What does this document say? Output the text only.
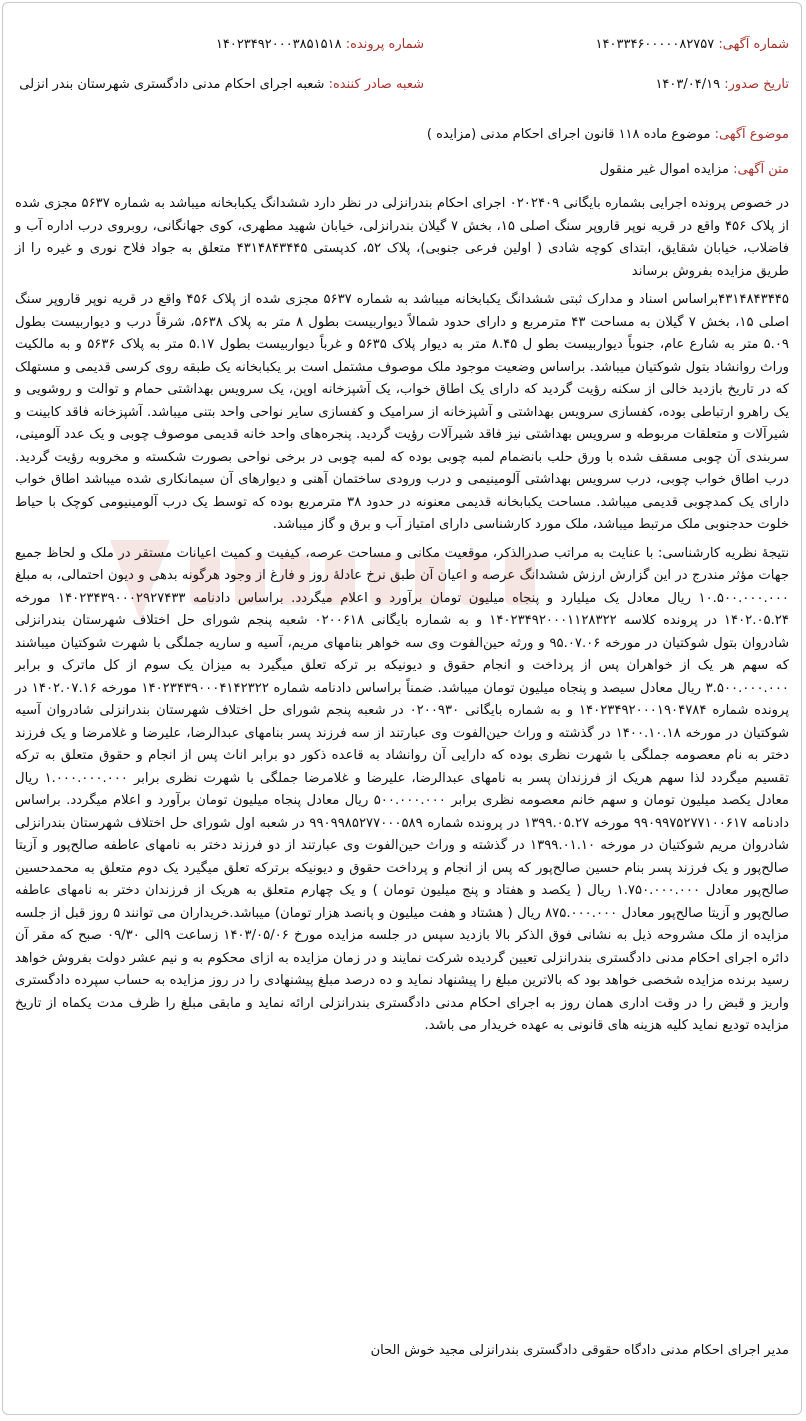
شماره آگهی: ۱۴۰۳۳۴۶۰۰۰۰۰۸۲۷۵۷
شماره پرونده: ۱۴۰۲۳۴۹۲۰۰۰۳۸۵۱۵۱۸
تاریخ صدور: ۱۴۰۳/۰۴/۱۹
شعبه صادر کننده: شعبه اجرای احکام مدنی دادگستری شهرستان بندر انزلی
موضوع آگهی: موضوع ماده ۱۱۸ قانون اجرای احکام مدنی (مزایده )
متن آگهی: مزایده اموال غیر منقول

در خصوص پرونده اجرایی بشماره بایگانی ۰۲۰۲۴۰۹ اجرای احکام بندرانزلی در نظر دارد ششدانگ یکبابخانه میباشد به شماره ۵۶۳۷ مجزی شده از پلاک ۴۵۶ واقع در قریه نوپر قاروپر سنگ اصلی ۱۵، بخش ۷ گیلان بندرانزلی، خیابان شهید مطهری، کوی جهانگانی، روبروی درب اداره آب و فاضلاب، خیابان شقایق، ابتدای کوچه شادی ( اولین فرعی جنوبی)، پلاک ۵۲، کدپستی ۴۳۱۴۸۴۳۴۴۵ متعلق به جواد فلاح نوری و غیره را از طریق مزایده بفروش برساند

۴۳۱۴۸۴۳۴۴۵براساس اسناد و مدارک ثبتی ششدانگ یکبابخانه میباشد به شماره ۵۶۳۷ مجزی شده از پلاک ۴۵۶ واقع در قریه نوپر قاروپر سنگ اصلی ۱۵، بخش ۷ گیلان به مساحت ۴۳ مترمربع و دارای حدود شمالاً دیواربیست بطول ۸ متر به پلاک ۵۶۳۸، شرقاً درب و دیواربیست بطول ۵.۰۹ متر به شارع عام، جنوباً دیواربیست بطو ل ۸.۴۵ متر به دیوار پلاک ۵۶۳۵ و غرباً دیواربیست بطول ۵.۱۷ متر به پلاک ۵۶۳۶ و به مالکیت وراث روانشاد بتول شوکتیان میباشد. براساس وضعیت موجود ملک موصوف مشتمل است بر یکبابخانه یک طبقه روی کرسی قدیمی و مستهلک که در تاریخ بازدید خالی از سکنه رؤیت گردید که دارای یک اطاق خواب، یک آشپزخانه اوپن، یک سرویس بهداشتی حمام و توالت و روشویی و یک راهرو ارتباطی بوده، کفسازی سرویس بهداشتی و آشپزخانه از سرامیک و کفسازی سایر نواحی واحد بتنی میباشد. آشپزخانه فاقد کابینت و شیرآلات و متعلقات مربوطه و سرویس بهداشتی نیز فاقد شیرآلات رؤیت گردید. پنجره‌های واحد خانه قدیمی موصوف چوبی و یک عدد آلومینی، سربندی آن چوبی مسقف شده با ورق حلب بانضمام لمبه چوبی بوده که لمبه چوبی در برخی نواحی بصورت شکسته و مخروبه رؤیت گردید. درب اطاق خواب چوبی، درب سرویس بهداشتی آلومینیمی و درب ورودی ساختمان آهنی و دیوارهای آن سیمانکاری شده میباشد اطاق خواب دارای یک کمدچوبی قدیمی میباشد. مساحت یکبابخانه قدیمی معنونه در حدود ۳۸ مترمربع بوده که توسط یک درب آلومینیومی کوچک با حیاط خلوت حدجنوبی ملک مرتبط میباشد، ملک مورد کارشناسی دارای امتیاز آب و برق و گاز میباشد.

نتیجهٔ نظریه کارشناسی: با عنایت به مراتب صدرالذکر، موقعیت مکانی و مساحت عرصه، کیفیت و کمیت اعیانات مستقر در ملک و لحاظ جمیع جهات مؤثر مندرج در این گزارش ارزش ششدانگ عرصه و اعیان آن طبق نرخ عادلهٔ روز و فارغ از وجود هرگونه بدهی و دیون احتمالی، به مبلغ ۱۰.۵۰۰.۰۰۰.۰۰۰ ریال معادل یک میلیارد و پنجاه میلیون تومان برآورد و اعلام میگردد. براساس دادنامه ۱۴۰۲۳۴۳۹۰۰۰۲۹۲۷۴۳۳ مورخه ۱۴۰۲.۰۵.۲۴ در پرونده کلاسه ۱۴۰۲۳۴۹۲۰۰۰۱۱۲۸۳۲۲ و به شماره بایگانی ۰۲۰۰۶۱۸ شعبه پنجم شورای حل اختلاف شهرستان بندرانزلی شادروان بتول شوکتیان در مورخه ۹۵.۰۷.۰۶ و ورثه حین‌الفوت وی سه خواهر بنامهای مریم، آسیه و ساریه جملگی با شهرت شوکتیان میباشند که سهم هر یک از خواهران پس از پرداخت و انجام حقوق و دیونیکه بر ترکه تعلق میگیرد به میزان یک سوم از کل ماترک و برابر ۳.۵۰۰.۰۰۰.۰۰۰ ریال معادل سیصد و پنجاه میلیون تومان میباشد. ضمناً براساس دادنامه شماره ۱۴۰۲۳۴۳۹۰۰۰۴۱۴۲۳۲۲ مورخه ۱۴۰۲.۰۷.۱۶ در پرونده شماره ۱۴۰۲۳۴۹۲۰۰۰۱۹۰۴۷۸۴ و به شماره بایگانی ۰۲۰۰۹۳۰ در شعبه پنجم شورای حل اختلاف شهرستان بندرانزلی شادروان آسیه شوکتیان در مورخه ۱۴۰۰.۱۰.۱۸ در گذشته و وراث حین‌الفوت وی عبارتند از سه فرزند پسر بنامهای عبدالرضا، علیرضا و غلامرضا و یک فرزند دختر به نام معصومه جملگی با شهرت نظری بوده که دارایی آن روانشاد به قاعده ذکور دو برابر اناث پس از انجام و حقوق متعلق به ترکه تقسیم میگردد لذا سهم هریک از فرزندان پسر به نامهای عبدالرضا، علیرضا و غلامرضا جملگی با شهرت نظری برابر ۱.۰۰۰.۰۰۰.۰۰۰ ریال معادل یکصد میلیون تومان و سهم خانم معصومه نظری برابر ۵۰۰.۰۰۰.۰۰۰ ریال معادل پنجاه میلیون تومان برآورد و اعلام میگردد. براساس دادنامه ۹۹۰۹۹۷۵۲۷۷۱۰۰۶۱۷ مورخه ۱۳۹۹.۰۵.۲۷ در پرونده شماره ۹۹۰۹۹۸۵۲۷۷۰۰۰۵۸۹ در شعبه اول شورای حل اختلاف شهرستان بندرانزلی شادروان مریم شوکتیان در مورخه ۱۳۹۹.۰۱.۱۰ در گذشته و وراث حین‌الفوت وی عبارتند از دو فرزند دختر به نامهای عاطفه صالح‌پور و آزیتا صالح‌پور و یک فرزند پسر بنام حسین صالح‌پور که پس از انجام و پرداخت حقوق و دیونیکه برترکه تعلق میگیرد یک دوم متعلق به محمدحسین صالح‌پور معادل ۱.۷۵۰.۰۰۰.۰۰۰ ریال ( یکصد و هفتاد و پنج میلیون تومان ) و یک چهارم متعلق به هریک از فرزندان دختر به نامهای عاطفه صالح‌پور و آزیتا صالح‌پور معادل ۸۷۵.۰۰۰.۰۰۰ ریال ( هشتاد و هفت میلیون و پانصد هزار تومان) میباشد.خریداران می توانند ۵ روز قبل از جلسه مزایده از ملک مشروحه ذیل به نشانی فوق الذکر بالا بازدید سپس در جلسه مزایده مورخ ۱۴۰۳/۰۵/۰۶ زساعت ۹الی ۰۹/۳۰ صبح که مقر آن دائره اجرای احکام مدنی دادگستری بندرانزلی تعیین گردیده شرکت نمایند و در زمان مزایده به ازای محکوم به و نیم عشر دولت بفروش خواهد رسید برنده مزایده شخصی خواهد بود که بالاترین مبلغ را پیشنهاد نماید و ده درصد مبلغ پیشنهادی را در روز مزایده به حساب سپرده دادگستری واریز و قبض را در وقت اداری همان روز به اجرای احکام مدنی دادگستری بندرانزلی ارائه نماید و مابقی مبلغ را ظرف مدت یکماه از تاریخ مزایده تودیع نماید کلیه هزینه های قانونی به عهده خریدار می باشد.

مدیر اجرای احکام مدنی دادگاه حقوقی دادگستری بندرانزلی مجید خوش الحان
